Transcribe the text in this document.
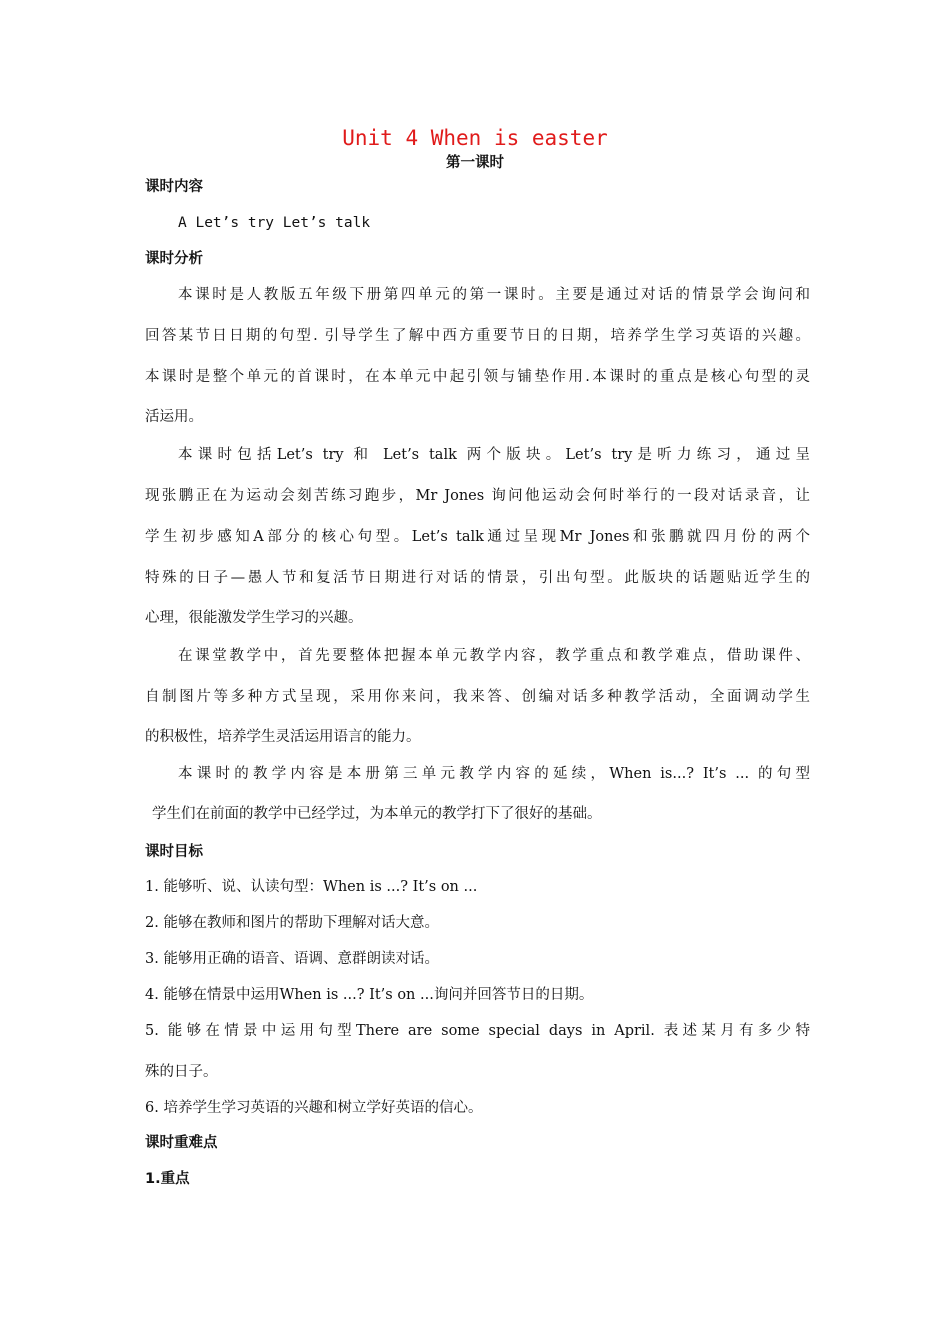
Unit 4 When is easter
第一课时
课时内容
A Let’s try Let’s talk
课时分析
本课时是人教版五年级下册第四单元的第一课时。主要是通过对话的情景学会询问和
回答某节日日期的句型. 引导学生了解中西方重要节日的日期，培养学生学习英语的兴趣。
本课时是整个单元的首课时，在本单元中起引领与铺垫作用.本课时的重点是核心句型的灵
活运用。
本课时包括Let’s try 和 Let’s talk 两个版块。Let’s try是听力练习，通过呈
现张鹏正在为运动会刻苦练习跑步，Mr Jones 询问他运动会何时举行的一段对话录音，让
学生初步感知A部分的核心句型。Let’s talk通过呈现Mr Jones和张鹏就四月份的两个
特殊的日子—愚人节和复活节日期进行对话的情景，引出句型。此版块的话题贴近学生的
心理，很能激发学生学习的兴趣。
在课堂教学中，首先要整体把握本单元教学内容，教学重点和教学难点，借助课件、
自制图片等多种方式呈现，采用你来问，我来答、创编对话多种教学活动，全面调动学生
的积极性，培养学生灵活运用语言的能力。
本课时的教学内容是本册第三单元教学内容的延续，When is...? It’s ... 的句型
学生们在前面的教学中已经学过，为本单元的教学打下了很好的基础。
课时目标
1. 能够听、说、认读句型：When is ...? It’s on ...
2. 能够在教师和图片的帮助下理解对话大意。
3. 能够用正确的语音、语调、意群朗读对话。
4. 能够在情景中运用When is ...? It’s on ...询问并回答节日的日期。
5. 能够在情景中运用句型There are some special days in April. 表述某月有多少特
殊的日子。
6. 培养学生学习英语的兴趣和树立学好英语的信心。
课时重难点
1.重点
